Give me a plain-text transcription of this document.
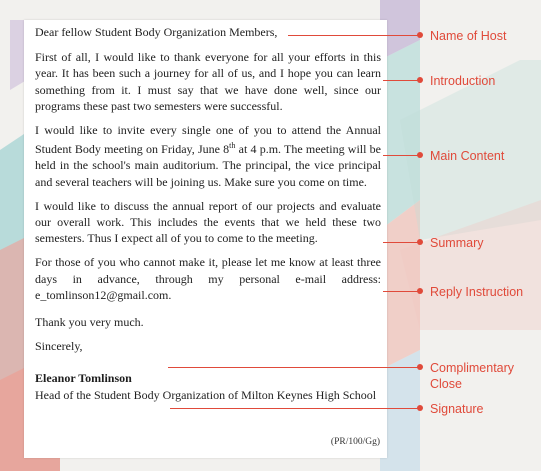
Dear fellow Student Body Organization Members,

First of all, I would like to thank everyone for all your efforts in this year. It has been such a journey for all of us, and I hope you can learn something from it. I must say that we have done well, since our programs these past two semesters were successful.

I would like to invite every single one of you to attend the Annual Student Body meeting on Friday, June 8th at 4 p.m. The meeting will be held in the school's main auditorium. The principal, the vice principal and several teachers will be joining us. Make sure you come on time.

I would like to discuss the annual report of our projects and evaluate our overall work. This includes the events that we held these two semesters. Thus I expect all of you to come to the meeting.

For those of you who cannot make it, please let me know at least three days in advance, through my personal e-mail address: e_tomlinson12@gmail.com.

Thank you very much.

Sincerely,

Eleanor Tomlinson

Head of the Student Body Organization of Milton Keynes High School

(PR/100/Gg)
Name of Host
Introduction
Main Content
Summary
Reply Instruction
Complimentary
Close
Signature
